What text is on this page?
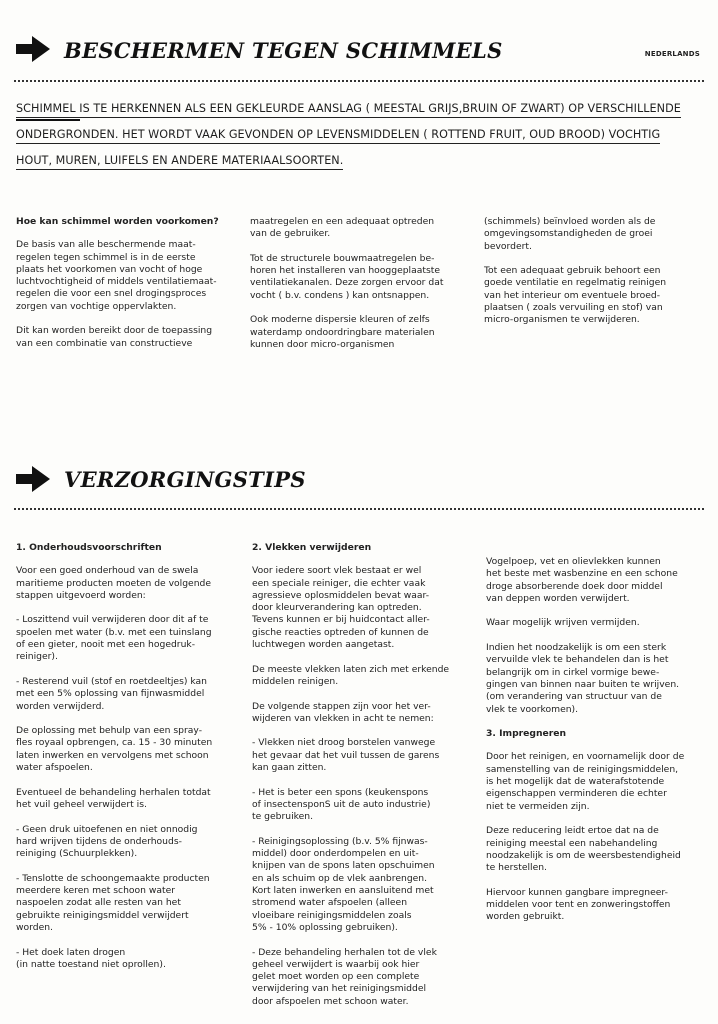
BESCHERMEN TEGEN SCHIMMELS	NEDERLANDS

SCHIMMEL IS TE HERKENNEN ALS EEN GEKLEURDE AANSLAG ( MEESTAL GRIJS,BRUIN OF ZWART) OP VERSCHILLENDE
ONDERGRONDEN. HET WORDT VAAK GEVONDEN OP LEVENSMIDDELEN ( ROTTEND FRUIT, OUD BROOD) VOCHTIG
HOUT, MUREN, LUIFELS EN ANDERE MATERIAALSOORTEN.

Hoe kan schimmel worden voorkomen?

De basis van alle beschermende maat-
regelen tegen schimmel is in de eerste
plaats het voorkomen van vocht of hoge
luchtvochtigheid of middels ventilatiemaat-
regelen die voor een snel drogingsproces
zorgen van vochtige oppervlakten.

Dit kan worden bereikt door de toepassing
van een combinatie van constructieve

maatregelen en een adequaat optreden
van de gebruiker.

Tot de structurele bouwmaatregelen be-
horen het installeren van hooggeplaatste
ventilatiekanalen. Deze zorgen ervoor dat
vocht ( b.v. condens ) kan ontsnappen.

Ook moderne dispersie kleuren of zelfs
waterdamp ondoordringbare materialen
kunnen door micro-organismen

(schimmels) beïnvloed worden als de
omgevingsomstandigheden de groei
bevordert.

Tot een adequaat gebruik behoort een
goede ventilatie en regelmatig reinigen
van het interieur om eventuele broed-
plaatsen ( zoals vervuiling en stof) van
micro-organismen te verwijderen.

VERZORGINGSTIPS
1. Onderhoudsvoorschriften

Voor een goed onderhoud van de swela
maritieme producten moeten de volgende
stappen uitgevoerd worden:

- Loszittend vuil verwijderen door dit af te
spoelen met water (b.v. met een tuinslang
of een gieter, nooit met een hogedruk-
reiniger).

- Resterend vuil (stof en roetdeeltjes) kan
met een 5% oplossing van fijnwasmiddel
worden verwijderd.

De oplossing met behulp van een spray-
fles royaal opbrengen, ca. 15 - 30 minuten
laten inwerken en vervolgens met schoon
water afspoelen.

Eventueel de behandeling herhalen totdat
het vuil geheel verwijdert is.

- Geen druk uitoefenen en niet onnodig
hard wrijven tijdens de onderhouds-
reiniging (Schuurplekken).

- Tenslotte de schoongemaakte producten
meerdere keren met schoon water
naspoelen zodat alle resten van het
gebruikte reinigingsmiddel verwijdert
worden.

- Het doek laten drogen
(in natte toestand niet oprollen).

2. Vlekken verwijderen

Voor iedere soort vlek bestaat er wel
een speciale reiniger, die echter vaak
agressieve oplosmiddelen bevat waar-
door kleurverandering kan optreden.
Tevens kunnen er bij huidcontact aller-
gische reacties optreden of kunnen de
luchtwegen worden aangetast.

De meeste vlekken laten zich met erkende
middelen reinigen.

De volgende stappen zijn voor het ver-
wijderen van vlekken in acht te nemen:

- Vlekken niet droog borstelen vanwege
het gevaar dat het vuil tussen de garens
kan gaan zitten.

- Het is beter een spons (keukenspons
of insectensponS uit de auto industrie)
te gebruiken.

- Reinigingsoplossing (b.v. 5% fijnwas-
middel) door onderdompelen en uit-
knijpen van de spons laten opschuimen
en als schuim op de vlek aanbrengen.
Kort laten inwerken en aansluitend met
stromend water afspoelen (alleen
vloeibare reinigingsmiddelen zoals
5% - 10% oplossing gebruiken).

- Deze behandeling herhalen tot de vlek
geheel verwijdert is waarbij ook hier
gelet moet worden op een complete
verwijdering van het reinigingsmiddel
door afspoelen met schoon water.

Vogelpoep, vet en olievlekken kunnen
het beste met wasbenzine en een schone
droge absorberende doek door middel
van deppen worden verwijdert.

Waar mogelijk wrijven vermijden.

Indien het noodzakelijk is om een sterk
vervuilde vlek te behandelen dan is het
belangrijk om in cirkel vormige bewe-
gingen van binnen naar buiten te wrijven.
(om verandering van structuur van de
vlek te voorkomen).

3. Impregneren

Door het reinigen, en voornamelijk door de
samenstelling van de reinigingsmiddelen,
is het mogelijk dat de waterafstotende
eigenschappen verminderen die echter
niet te vermeiden zijn.

Deze reducering leidt ertoe dat na de
reiniging meestal een nabehandeling
noodzakelijk is om de weersbestendigheid
te herstellen.

Hiervoor kunnen gangbare impregneer-
middelen voor tent en zonweringstoffen
worden gebruikt.
